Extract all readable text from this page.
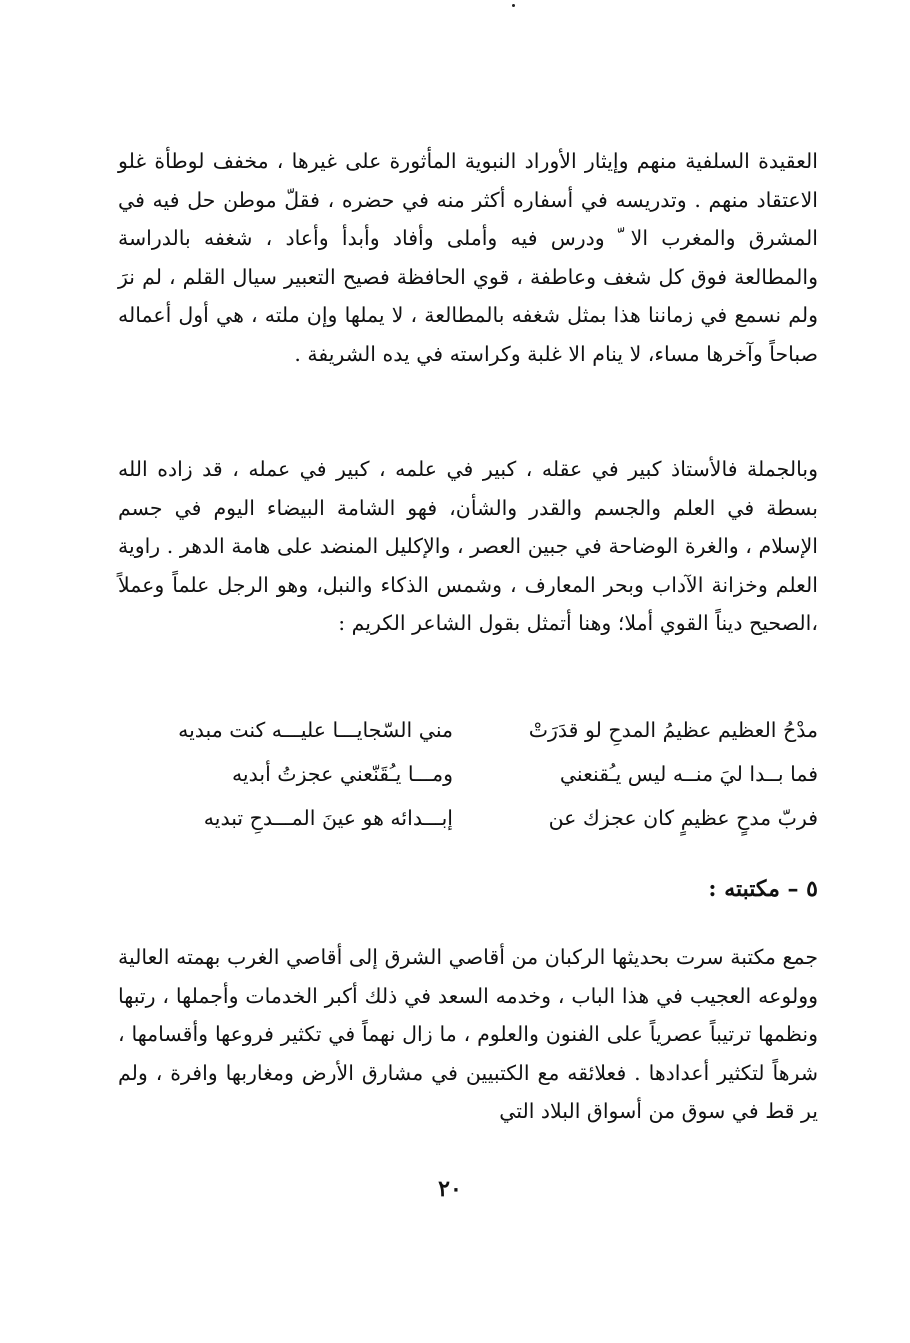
العقيدة السلفية منهم وإيثار الأوراد النبوية المأثورة على غيرها ، مخفف لوطأة غلو الاعتقاد منهم . وتدريسه في أسفاره أكثر منه في حضره ، فقلّ موطن حل فيه في المشرق والمغرب الا ّ ودرس فيه وأملى وأفاد وأبدأ وأعاد ، شغفه بالدراسة والمطالعة فوق كل شغف وعاطفة ، قوي الحافظة فصيح التعبير سيال القلم ، لم نرَ ولم نسمع في زماننا هذا بمثل شغفه بالمطالعة ، لا يملها وإن ملته ، هي أول أعماله صباحاً وآخرها مساء، لا ينام الا غلبة وكراسته في يده الشريفة .

وبالجملة فالأستاذ كبير في عقله ، كبير في علمه ، كبير في عمله ، قد زاده الله بسطة في العلم والجسم والقدر والشأن، فهو الشامة البيضاء اليوم في جسم الإسلام ، والغرة الوضاحة في جبين العصر ، والإكليل المنضد على هامة الدهر . راوية العلم وخزانة الآداب وبحر المعارف ، وشمس الذكاء والنبل، وهو الرجل علماً وعملاً ،الصحيح ديناً القوي أملا؛ وهنا أتمثل بقول الشاعر الكريم :

مدْحُ العظيم عظيمُ المدحِ لو قدَرَتْ
مني السّجايـــا عليـــه كنت مبديه
فما بــدا ليَ منــه ليس يـُقنعني
ومـــا يـُقَنّعني عجزتُ أبديه
فربّ مدحٍ عظيمٍ كان عجزك عن
إبـــدائه هو عينَ المـــدحِ تبديه
٥ – مكتبته :

جمع مكتبة سرت بحديثها الركبان من أقاصي الشرق إلى أقاصي الغرب بهمته العالية وولوعه العجيب في هذا الباب ، وخدمه السعد في ذلك أكبر الخدمات وأجملها ، رتبها ونظمها ترتيباً عصرياً على الفنون والعلوم ، ما زال نهماً في تكثير فروعها وأقسامها ، شرهاً لتكثير أعدادها . فعلائقه مع الكتبيين في مشارق الأرض ومغاربها وافرة ، ولم ير قط في سوق من أسواق البلاد التي

٢٠
